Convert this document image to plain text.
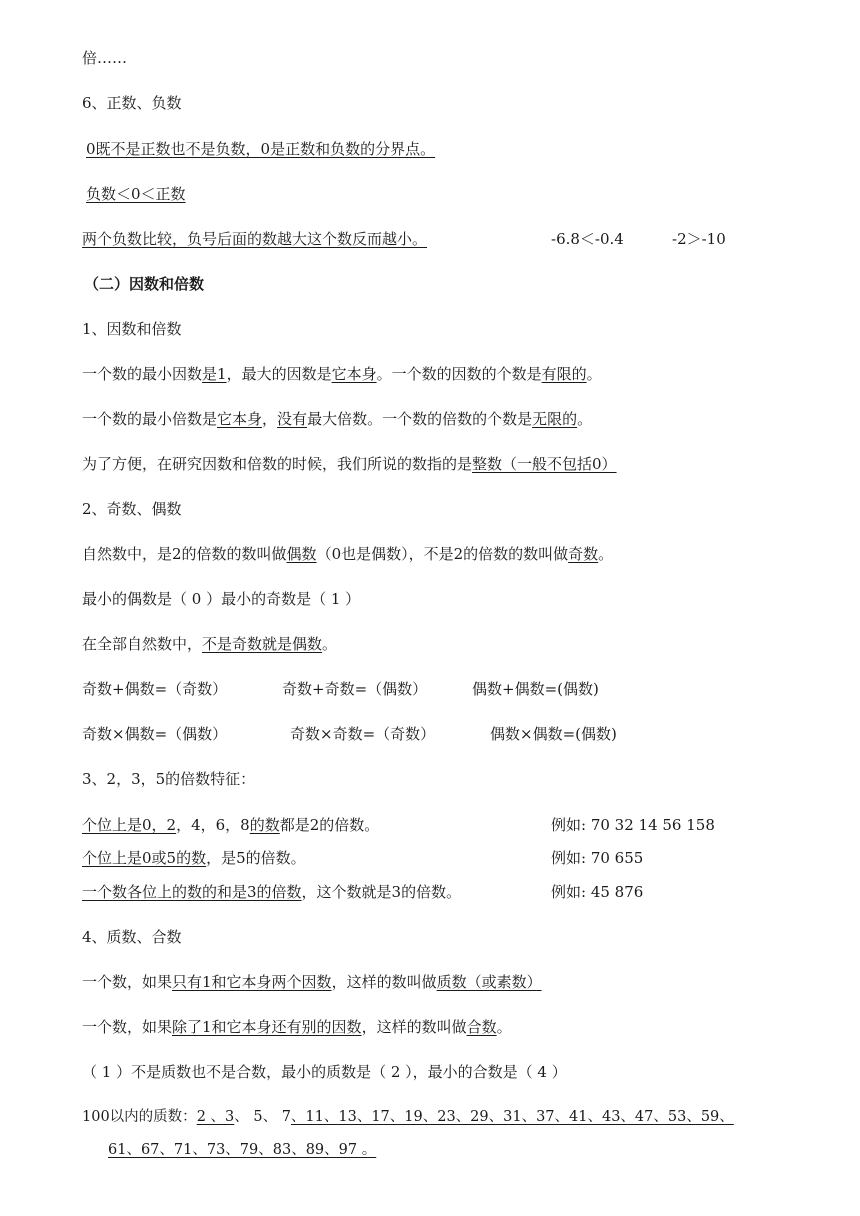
倍……
6、正数、负数
0既不是正数也不是负数，0是正数和负数的分界点。
负数＜0＜正数
两个负数比较，负号后面的数越大这个数反而越小。	-6.8＜-0.4	-2＞-10
（二）因数和倍数
1、因数和倍数
一个数的最小因数是1，最大的因数是它本身。一个数的因数的个数是有限的。
一个数的最小倍数是它本身，没有最大倍数。一个数的倍数的个数是无限的。
为了方便，在研究因数和倍数的时候，我们所说的数指的是整数（一般不包括0）
2、奇数、偶数
自然数中，是2的倍数的数叫做偶数（0也是偶数），不是2的倍数的数叫做奇数。
最小的偶数是（ 0 ）最小的奇数是（ 1 ）
在全部自然数中，不是奇数就是偶数。
奇数+偶数=（奇数）	奇数+奇数=（偶数）	偶数+偶数=(偶数)
奇数×偶数=（偶数）	奇数×奇数=（奇数）	偶数×偶数=(偶数)
3、2，3，5的倍数特征：
个位上是0，2，4，6，8的数都是2的倍数。	例如: 70 32 14 56 158
个位上是0或5的数，是5的倍数。	例如: 70 655
一个数各位上的数的和是3的倍数，这个数就是3的倍数。	例如: 45 876
4、质数、合数
一个数，如果只有1和它本身两个因数，这样的数叫做质数（或素数）
一个数，如果除了1和它本身还有别的因数，这样的数叫做合数。
（ 1 ）不是质数也不是合数，最小的质数是（ 2 ），最小的合数是（ 4 ）
100以内的质数：2 、3、 5、 7、11、13、17、19、23、29、31、37、41、43、47、53、59、
61、67、71、73、79、83、89、97 。
